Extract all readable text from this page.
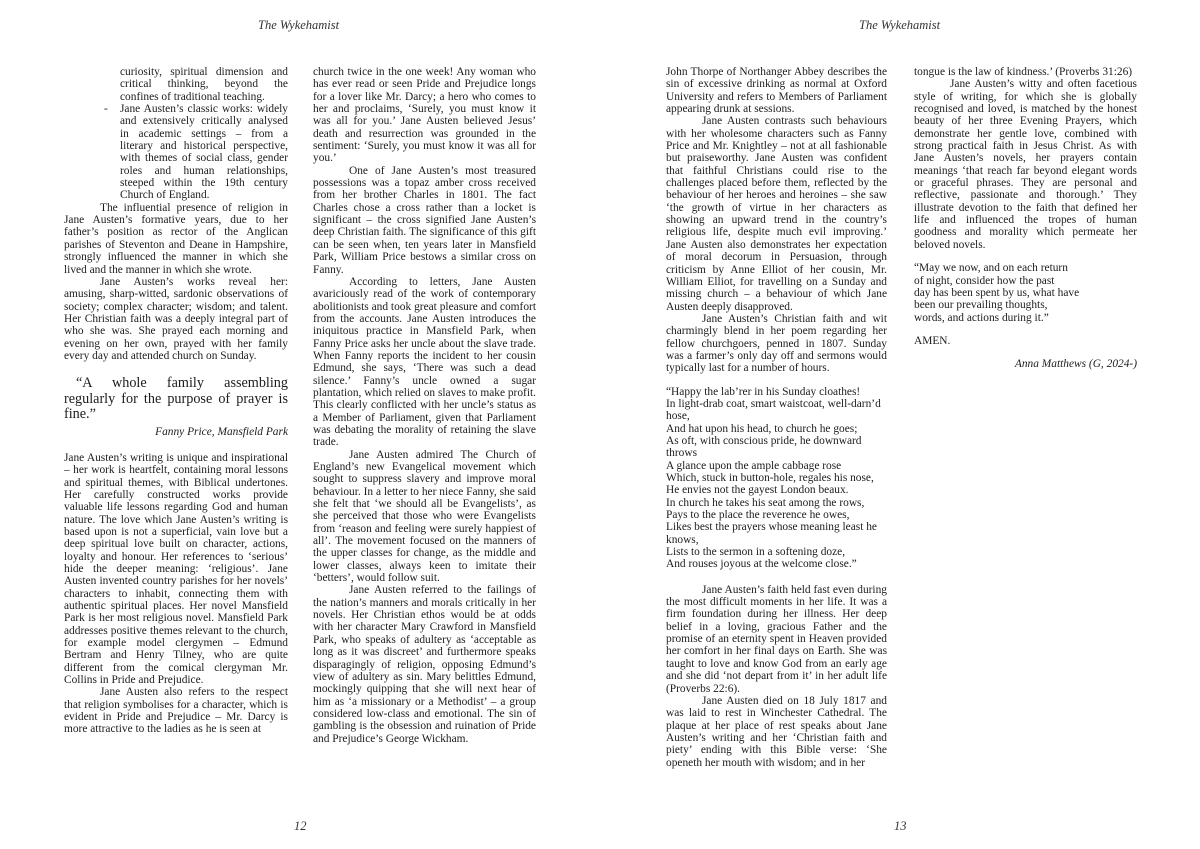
The Wykehamist

curiosity, spiritual dimension and critical thinking, beyond the confines of traditional teaching.

- Jane Austen’s classic works: widely and extensively critically analysed in academic settings – from a literary and historical perspective, with themes of social class, gender roles and human relationships, steeped within the 19th century Church of England.

The influential presence of religion in Jane Austen’s formative years, due to her father’s position as rector of the Anglican parishes of Steventon and Deane in Hampshire, strongly influenced the manner in which she lived and the manner in which she wrote.

Jane Austen’s works reveal her: amusing, sharp-witted, sardonic observations of society; complex character; wisdom; and talent. Her Christian faith was a deeply integral part of who she was. She prayed each morning and evening on her own, prayed with her family every day and attended church on Sunday.

“A whole family assembling regularly for the purpose of prayer is fine.”

Fanny Price, Mansfield Park

Jane Austen’s writing is unique and inspirational – her work is heartfelt, containing moral lessons and spiritual themes, with Biblical undertones. Her carefully constructed works provide valuable life lessons regarding God and human nature. The love which Jane Austen’s writing is based upon is not a superficial, vain love but a deep spiritual love built on character, actions, loyalty and honour. Her references to ‘serious’ hide the deeper meaning: ‘religious’. Jane Austen invented country parishes for her novels’ characters to inhabit, connecting them with authentic spiritual places. Her novel Mansfield Park is her most religious novel. Mansfield Park addresses positive themes relevant to the church, for example model clergymen – Edmund Bertram and Henry Tilney, who are quite different from the comical clergyman Mr. Collins in Pride and Prejudice.

Jane Austen also refers to the respect that religion symbolises for a character, which is evident in Pride and Prejudice – Mr. Darcy is more attractive to the ladies as he is seen at

church twice in the one week! Any woman who has ever read or seen Pride and Prejudice longs for a lover like Mr. Darcy; a hero who comes to her and proclaims, ‘Surely, you must know it was all for you.’ Jane Austen believed Jesus’ death and resurrection was grounded in the sentiment: ‘Surely, you must know it was all for you.’

One of Jane Austen’s most treasured possessions was a topaz amber cross received from her brother Charles in 1801. The fact Charles chose a cross rather than a locket is significant – the cross signified Jane Austen’s deep Christian faith. The significance of this gift can be seen when, ten years later in Mansfield Park, William Price bestows a similar cross on Fanny.

According to letters, Jane Austen avariciously read of the work of contemporary abolitionists and took great pleasure and comfort from the accounts. Jane Austen introduces the iniquitous practice in Mansfield Park, when Fanny Price asks her uncle about the slave trade. When Fanny reports the incident to her cousin Edmund, she says, ‘There was such a dead silence.’ Fanny’s uncle owned a sugar plantation, which relied on slaves to make profit. This clearly conflicted with her uncle’s status as a Member of Parliament, given that Parliament was debating the morality of retaining the slave trade.

Jane Austen admired The Church of England’s new Evangelical movement which sought to suppress slavery and improve moral behaviour. In a letter to her niece Fanny, she said she felt that ‘we should all be Evangelists’, as she perceived that those who were Evangelists from ‘reason and feeling were surely happiest of all’. The movement focused on the manners of the upper classes for change, as the middle and lower classes, always keen to imitate their ‘betters’, would follow suit.

Jane Austen referred to the failings of the nation’s manners and morals critically in her novels. Her Christian ethos would be at odds with her character Mary Crawford in Mansfield Park, who speaks of adultery as ‘acceptable as long as it was discreet’ and furthermore speaks disparagingly of religion, opposing Edmund’s view of adultery as sin. Mary belittles Edmund, mockingly quipping that she will next hear of him as ‘a missionary or a Methodist’ – a group considered low-class and emotional. The sin of gambling is the obsession and ruination of Pride and Prejudice’s George Wickham.

12
The Wykehamist

John Thorpe of Northanger Abbey describes the sin of excessive drinking as normal at Oxford University and refers to Members of Parliament appearing drunk at sessions.

Jane Austen contrasts such behaviours with her wholesome characters such as Fanny Price and Mr. Knightley – not at all fashionable but praiseworthy. Jane Austen was confident that faithful Christians could rise to the challenges placed before them, reflected by the behaviour of her heroes and heroines – she saw ‘the growth of virtue in her characters as showing an upward trend in the country’s religious life, despite much evil improving.’ Jane Austen also demonstrates her expectation of moral decorum in Persuasion, through criticism by Anne Elliot of her cousin, Mr. William Elliot, for travelling on a Sunday and missing church – a behaviour of which Jane Austen deeply disapproved.

Jane Austen’s Christian faith and wit charmingly blend in her poem regarding her fellow churchgoers, penned in 1807. Sunday was a farmer’s only day off and sermons would typically last for a number of hours.

“Happy the lab’rer in his Sunday cloathes!
In light-drab coat, smart waistcoat, well-darn’d hose,
And hat upon his head, to church he goes;
As oft, with conscious pride, he downward throws
A glance upon the ample cabbage rose
Which, stuck in button-hole, regales his nose,
He envies not the gayest London beaux.
In church he takes his seat among the rows,
Pays to the place the reverence he owes,
Likes best the prayers whose meaning least he knows,
Lists to the sermon in a softening doze,
And rouses joyous at the welcome close.”

Jane Austen’s faith held fast even during the most difficult moments in her life. It was a firm foundation during her illness. Her deep belief in a loving, gracious Father and the promise of an eternity spent in Heaven provided her comfort in her final days on Earth. She was taught to love and know God from an early age and she did ‘not depart from it’ in her adult life (Proverbs 22:6).

Jane Austen died on 18 July 1817 and was laid to rest in Winchester Cathedral. The plaque at her place of rest speaks about Jane Austen’s writing and her ‘Christian faith and piety’ ending with this Bible verse: ‘She openeth her mouth with wisdom; and in her

tongue is the law of kindness.’ (Proverbs 31:26)

Jane Austen’s witty and often facetious style of writing, for which she is globally recognised and loved, is matched by the honest beauty of her three Evening Prayers, which demonstrate her gentle love, combined with strong practical faith in Jesus Christ. As with Jane Austen’s novels, her prayers contain meanings ‘that reach far beyond elegant words or graceful phrases. They are personal and reflective, passionate and thorough.’ They illustrate devotion to the faith that defined her life and influenced the tropes of human goodness and morality which permeate her beloved novels.

“May we now, and on each return
of night, consider how the past
day has been spent by us, what have
been our prevailing thoughts,
words, and actions during it.”

AMEN.

Anna Matthews (G, 2024-)

13
